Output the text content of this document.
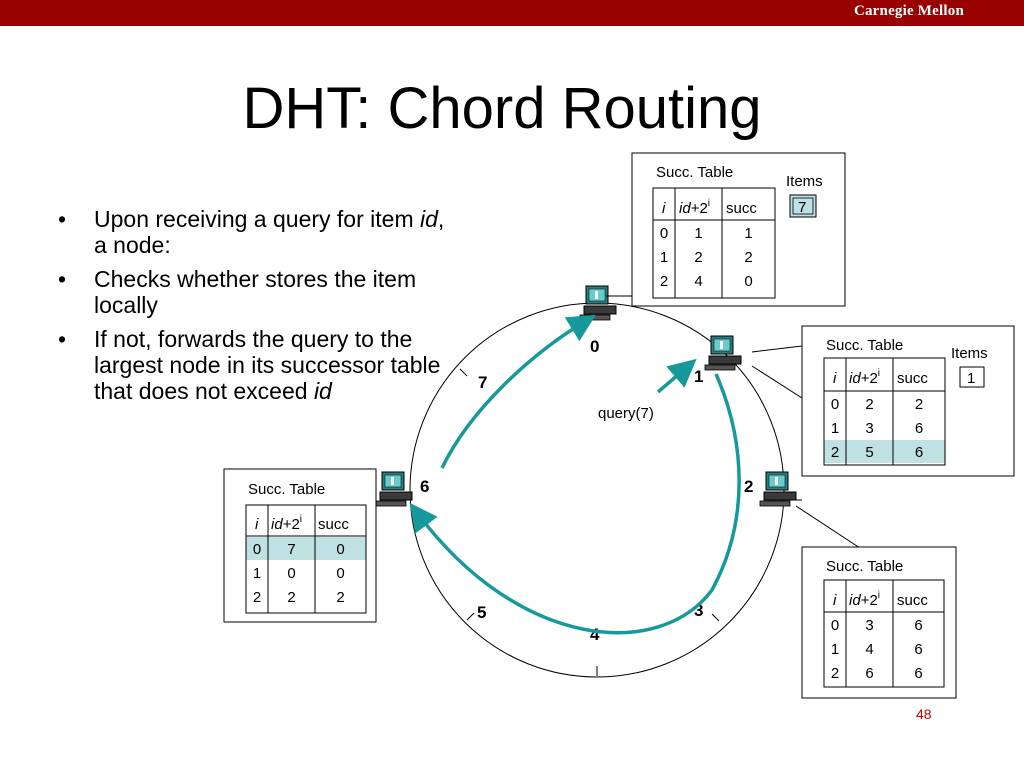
Carnegie Mellon
DHT: Chord Routing
• Upon receiving a query for item id, a node:
• Checks whether stores the item locally
• If not, forwards the query to the largest node in its successor table that does not exceed id
0
1
2
3
4
5
6
7
query(7)
Succ. Table
Items
7
i $id+2^i$ succ
0 1	1
1 2	2
2 4	0
Succ. Table	Items
1
0 2	2
1 3	6
2 5	6
i $id+2^i$ succ
Succ. Table
0 7	0
1 0	0
2 2	2
i $id+2^i$ succ
Succ. Table
0 3	6
1 4	6
2 6	6
i $id+2^i$ succ
48
